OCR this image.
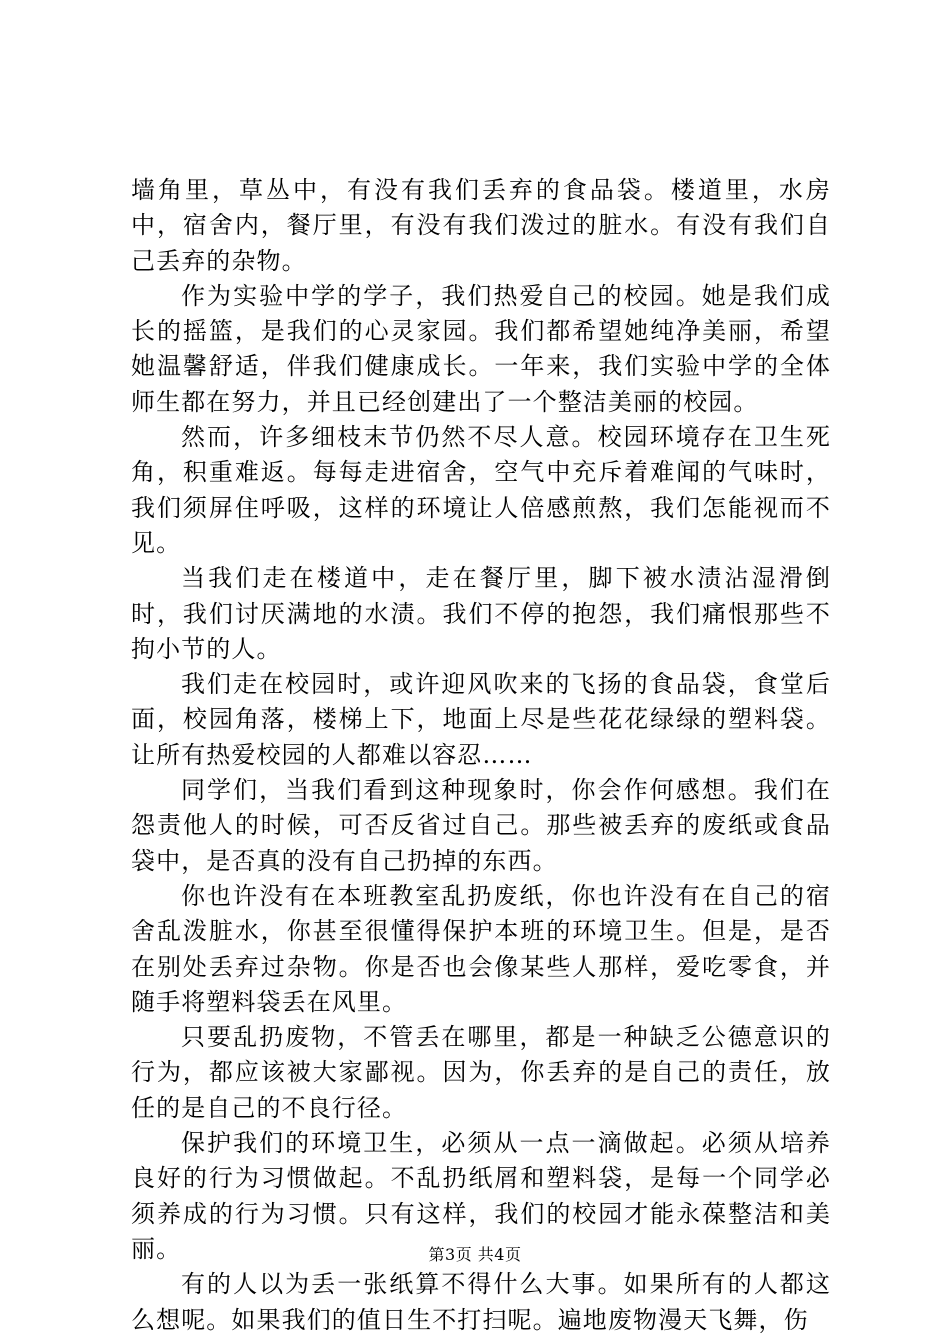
墙角里，草丛中，有没有我们丢弃的食品袋。楼道里，水房中，宿舍内，餐厅里，有没有我们泼过的脏水。有没有我们自己丢弃的杂物。

作为实验中学的学子，我们热爱自己的校园。她是我们成长的摇篮，是我们的心灵家园。我们都希望她纯净美丽，希望她温馨舒适，伴我们健康成长。一年来，我们实验中学的全体师生都在努力，并且已经创建出了一个整洁美丽的校园。

然而，许多细枝末节仍然不尽人意。校园环境存在卫生死角，积重难返。每每走进宿舍，空气中充斥着难闻的气味时，我们须屏住呼吸，这样的环境让人倍感煎熬，我们怎能视而不见。

当我们走在楼道中，走在餐厅里，脚下被水渍沾湿滑倒时，我们讨厌满地的水渍。我们不停的抱怨，我们痛恨那些不拘小节的人。

我们走在校园时，或许迎风吹来的飞扬的食品袋，食堂后面，校园角落，楼梯上下，地面上尽是些花花绿绿的塑料袋。让所有热爱校园的人都难以容忍……

同学们，当我们看到这种现象时，你会作何感想。我们在怨责他人的时候，可否反省过自己。那些被丢弃的废纸或食品袋中，是否真的没有自己扔掉的东西。

你也许没有在本班教室乱扔废纸，你也许没有在自己的宿舍乱泼脏水，你甚至很懂得保护本班的环境卫生。但是，是否在别处丢弃过杂物。你是否也会像某些人那样，爱吃零食，并随手将塑料袋丢在风里。

只要乱扔废物，不管丢在哪里，都是一种缺乏公德意识的行为，都应该被大家鄙视。因为，你丢弃的是自己的责任，放任的是自己的不良行径。

保护我们的环境卫生，必须从一点一滴做起。必须从培养良好的行为习惯做起。不乱扔纸屑和塑料袋，是每一个同学必须养成的行为习惯。只有这样，我们的校园才能永葆整洁和美丽。

有的人以为丢一张纸算不得什么大事。如果所有的人都这么想呢。如果我们的值日生不打扫呢。遍地废物漫天飞舞，伤

第3页 共4页
